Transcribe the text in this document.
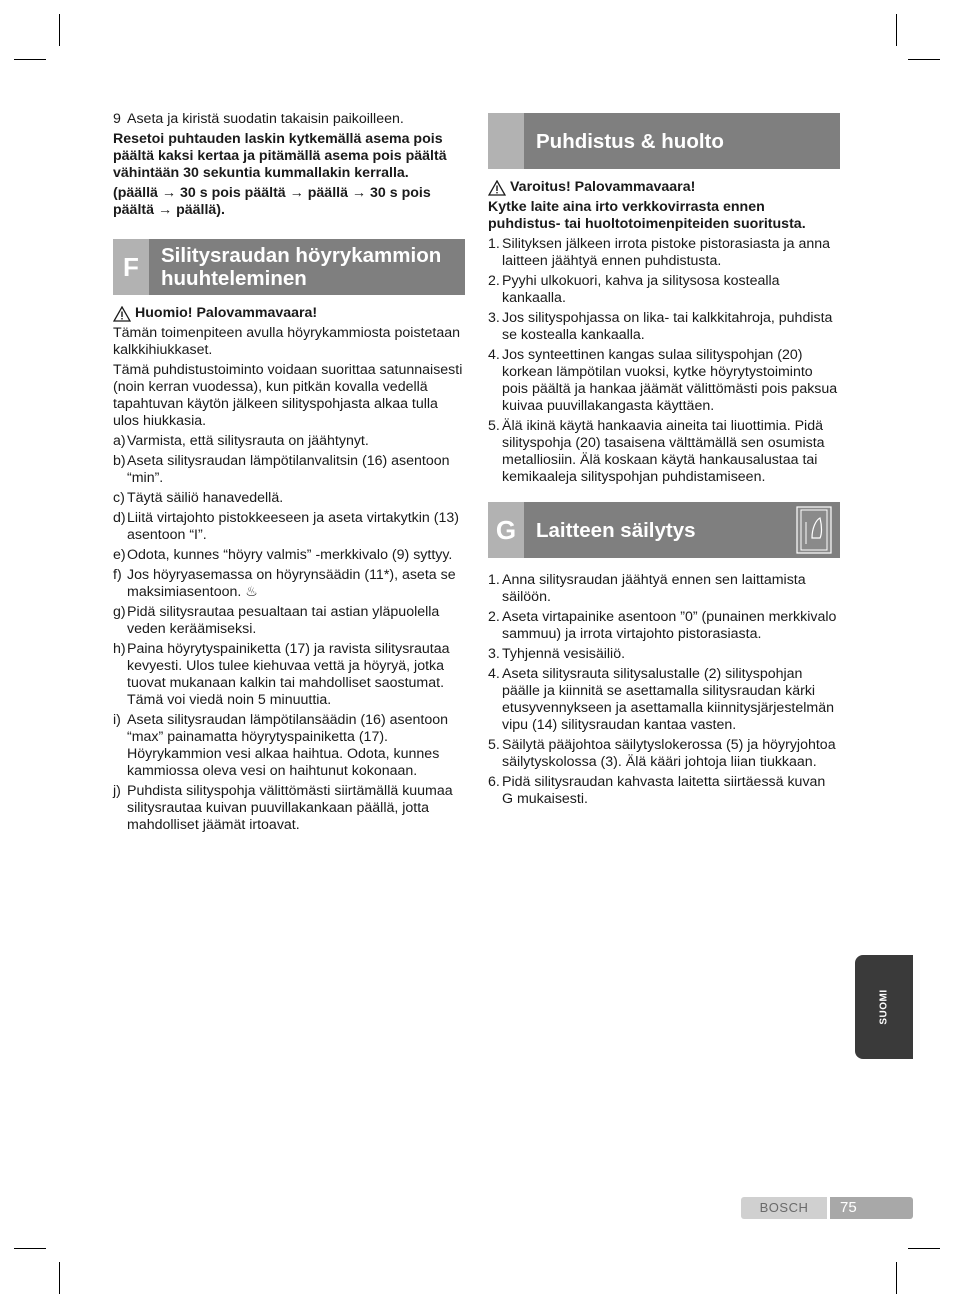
9 Aseta ja kiristä suodatin takaisin paikoilleen.

Resetoi puhtauden laskin kytkemällä asema pois päältä kaksi kertaa ja pitämällä asema pois päältä vähintään 30 sekuntia kummallakin kerralla.

(päällä → 30 s pois päältä → päällä → 30 s pois päältä → päällä).

F	Silitysraudan höyrykammion huuhteleminen
Huomio! Palovammavaara!

Tämän toimenpiteen avulla höyrykammiosta poistetaan kalkkihiukkaset.

Tämä puhdistustoiminto voidaan suorittaa satunnaisesti (noin kerran vuodessa), kun pitkän kovalla vedellä tapahtuvan käytön jälkeen silityspohjasta alkaa tulla ulos hiukkasia.

a) Varmista, että silitysrauta on jäähtynyt.
b) Aseta silitysraudan lämpötilanvalitsin (16) asentoon “min”.
c) Täytä säiliö hanavedellä.
d) Liitä virtajohto pistokkeeseen ja aseta virtakytkin (13) asentoon “I”.
e) Odota, kunnes “höyry valmis” -merkkivalo (9) syttyy.
f) Jos höyryasemassa on höyrynsäädin (11*), aseta se maksimiasentoon. ♨
g) Pidä silitysrautaa pesualtaan tai astian yläpuolella veden keräämiseksi.
h) Paina höyrytyspainiketta (17) ja ravista silitysrautaa kevyesti. Ulos tulee kiehuvaa vettä ja höyryä, jotka tuovat mukanaan kalkin tai mahdolliset saostumat. Tämä voi viedä noin 5 minuuttia.
i) Aseta silitysraudan lämpötilansäädin (16) asentoon “max” painamatta höyrytyspainiketta (17). Höyrykammion vesi alkaa haihtua. Odota, kunnes kammiossa oleva vesi on haihtunut kokonaan.
j) Puhdista silityspohja välittömästi siirtämällä kuumaa silitysrautaa kuivan puuvillakankaan päällä, jotta mahdolliset jäämät irtoavat.
Puhdistus & huolto
Varoitus! Palovammavaara!

Kytke laite aina irto verkkovirrasta ennen puhdistus- tai huoltotoimenpiteiden suoritusta.

1. Silityksen jälkeen irrota pistoke pistorasiasta ja anna laitteen jäähtyä ennen puhdistusta.
2. Pyyhi ulkokuori, kahva ja silitysosa kostealla kankaalla.
3. Jos silityspohjassa on lika- tai kalkkitahroja, puhdista se kostealla kankaalla.
4. Jos synteettinen kangas sulaa silityspohjan (20) korkean lämpötilan vuoksi, kytke höyrytystoiminto pois päältä ja hankaa jäämät välittömästi pois paksua kuivaa puuvillakangasta käyttäen.
5. Älä ikinä käytä hankaavia aineita tai liuottimia. Pidä silityspohja (20) tasaisena välttämällä sen osumista metalliosiin. Älä koskaan käytä hankausalustaa tai kemikaaleja silityspohjan puhdistamiseen.
G Laitteen säilytys
1. Anna silitysraudan jäähtyä ennen sen laittamista säilöön.
2. Aseta virtapainike asentoon ”0” (punainen merkkivalo sammuu) ja irrota virtajohto pistorasiasta.
3. Tyhjennä vesisäiliö.
4. Aseta silitysrauta silitysalustalle (2) silityspohjan päälle ja kiinnitä se asettamalla silitysraudan kärki etusyvennykseen ja asettamalla kiinnitysjärjestelmän vipu (14) silitysraudan kantaa vasten.
5. Säilytä pääjohtoa säilytyslokerossa (5) ja höyryjohtoa säilytyskolossa (3). Älä kääri johtoja liian tiukkaan.
6. Pidä silitysraudan kahvasta laitetta siirtäessä kuvan G mukaisesti.
SUOMI
BOSCH	75
